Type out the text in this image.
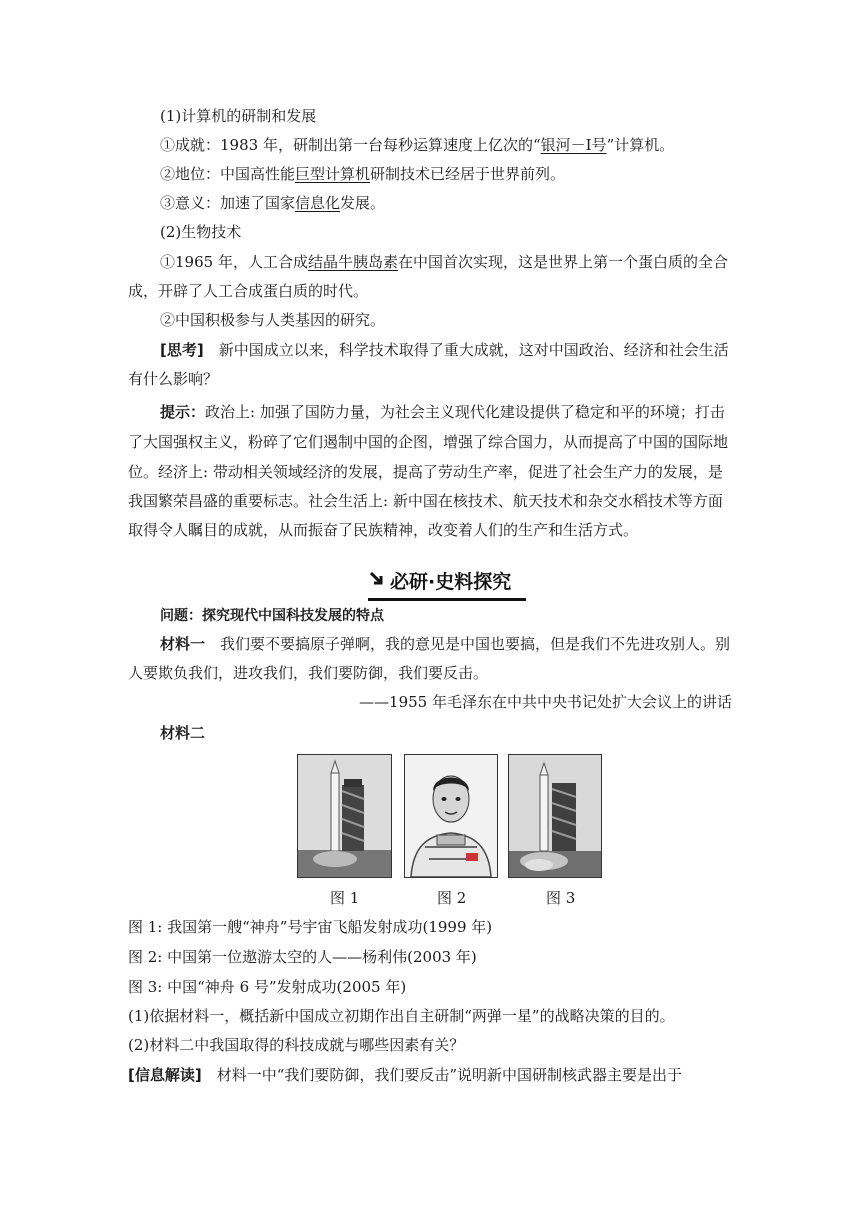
(1)计算机的研制和发展
①成就：1983 年，研制出第一台每秒运算速度上亿次的“银河－Ⅰ号”计算机。
②地位：中国高性能巨型计算机研制技术已经居于世界前列。
③意义：加速了国家信息化发展。
(2)生物技术
①1965 年，人工合成结晶牛胰岛素在中国首次实现，这是世界上第一个蛋白质的全合
成，开辟了人工合成蛋白质的时代。
②中国积极参与人类基因的研究。
[思考]　新中国成立以来，科学技术取得了重大成就，这对中国政治、经济和社会生活
有什么影响？
提示：政治上: 加强了国防力量，为社会主义现代化建设提供了稳定和平的环境；打击
了大国强权主义，粉碎了它们遏制中国的企图，增强了综合国力，从而提高了中国的国际地
位。经济上: 带动相关领域经济的发展，提高了劳动生产率，促进了社会生产力的发展，是
我国繁荣昌盛的重要标志。社会生活上: 新中国在核技术、航天技术和杂交水稻技术等方面
取得令人瞩目的成就，从而振奋了民族精神，改变着人们的生产和生活方式。
必研·史料探究
问题：探究现代中国科技发展的特点
材料一　我们要不要搞原子弹啊，我的意见是中国也要搞，但是我们不先进攻别人。别
人要欺负我们，进攻我们，我们要防御，我们要反击。
——1955 年毛泽东在中共中央书记处扩大会议上的讲话
材料二
图 1	图 2	图 3
图 1: 我国第一艘“神舟”号宇宙飞船发射成功(1999 年)
图 2: 中国第一位遨游太空的人——杨利伟(2003 年)
图 3: 中国“神舟 6 号”发射成功(2005 年)
(1)依据材料一，概括新中国成立初期作出自主研制“两弹一星”的战略决策的目的。
(2)材料二中我国取得的科技成就与哪些因素有关？
[信息解读]　材料一中“我们要防御，我们要反击”说明新中国研制核武器主要是出于
